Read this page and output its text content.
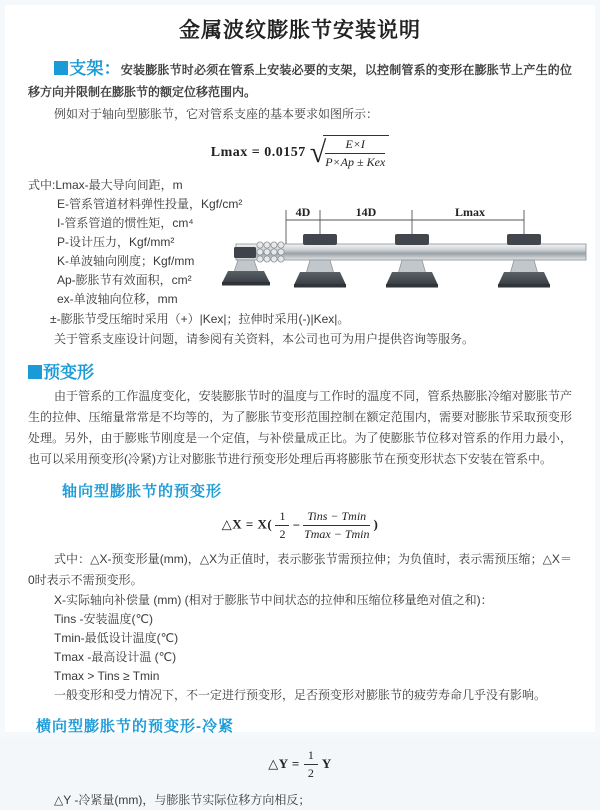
金属波纹膨胀节安装说明

支架：安装膨胀节时必须在管系上安装必要的支架，以控制管系的变形在膨胀节上产生的位移方向并限制在膨胀节的额定位移范围内。

例如对于轴向型膨胀节，它对管系支座的基本要求如图所示：

Lmax = 0.0157 √ $\frac{E\times I}{\text{P×Ap ± Kex}}$
式中:Lmax-最大导向间距，m
E-管系管道材料弹性投量，Kgf/cm²
I-管系管道的惯性矩，cm⁴
P-设计压力，Kgf/mm²
K-单波轴向刚度；Kgf/mm
Ap-膨胀节有效面积，cm²
ex-单波轴向位移，mm
4D	14D	Lmax
±-膨胀节受压缩时采用（+）|Kex|；拉伸时采用(-)|Kex|。
关于管系支座设计问题，请参阅有关资料，本公司也可为用户提供咨询等服务。
预变形

由于管系的工作温度变化，安装膨胀节时的温度与工作时的温度不同，管系热膨胀冷缩对膨胀节产生的拉伸、压缩量常常是不均等的，为了膨胀节变形范围控制在额定范围内，需要对膨胀节采取预变形处理。另外，由于膨账节刚度是一个定值，与补偿量成正比。为了使膨胀节位移对管系的作用力最小，也可以采用预变形(冷紧)方让对膨胀节进行预变形处理后再将膨胀节在预变形状态下安装在管系中。

轴向型膨胀节的预变形
△X = $X( \frac{1}{2} - \frac{\text{Tins − Tmin}}{Tmax - Tmin}$ )

式中：△X-预变形量(mm)，△X为正值时，表示膨张节需预拉伸；为负值时，表示需预压缩；△X＝0时表示不需预变形。

X-实际轴向补偿量 (mm) (相对于膨胀节中间状态的拉伸和压缩位移量绝对值之和)：
Tins -安装温度(℃)
Tmin-最低设计温度(℃)
Tmax -最高设计温 (℃)
Tmax > Tins ≥ Tmin
一般变形和受力情况下，不一定进行预变形，足否预变形对膨胀节的疲劳寿命几乎没有影响。
横向型膨胀节的预变形-冷紧
△Y = $\frac{1}{2}$ Y
△Y -冷紧量(mm)，与膨胀节实际位移方向相反；
